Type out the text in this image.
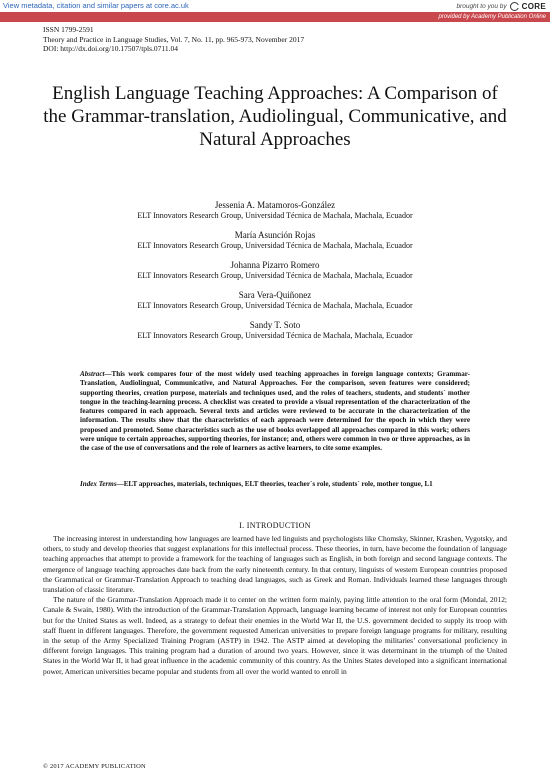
View metadata, citation and similar papers at core.ac.uk	brought to you by CORE
provided by Academy Publication Online
ISSN 1799-2591
Theory and Practice in Language Studies, Vol. 7, No. 11, pp. 965-973, November 2017
DOI: http://dx.doi.org/10.17507/tpls.0711.04
English Language Teaching Approaches: A Comparison of the Grammar-translation, Audiolingual, Communicative, and Natural Approaches
Jessenia A. Matamoros-González
ELT Innovators Research Group, Universidad Técnica de Machala, Machala, Ecuador
María Asunción Rojas
ELT Innovators Research Group, Universidad Técnica de Machala, Machala, Ecuador
Johanna Pizarro Romero
ELT Innovators Research Group, Universidad Técnica de Machala, Machala, Ecuador
Sara Vera-Quiñonez
ELT Innovators Research Group, Universidad Técnica de Machala, Machala, Ecuador
Sandy T. Soto
ELT Innovators Research Group, Universidad Técnica de Machala, Machala, Ecuador
Abstract—This work compares four of the most widely used teaching approaches in foreign language contexts; Grammar-Translation, Audiolingual, Communicative, and Natural Approaches. For the comparison, seven features were considered; supporting theories, creation purpose, materials and techniques used, and the roles of teachers, students, and students´ mother tongue in the teaching-learning process. A checklist was created to provide a visual representation of the characterization of the features compared in each approach. Several texts and articles were reviewed to be accurate in the characterization of the information. The results show that the characteristics of each approach were determined for the epoch in which they were proposed and promoted. Some characteristics such as the use of books overlapped all approaches compared in this work; others were unique to certain approaches, supporting theories, for instance; and, others were common in two or three approaches, as in the case of the use of conversations and the role of learners as active learners, to cite some examples.
Index Terms—ELT approaches, materials, techniques, ELT theories, teacher´s role, students´ role, mother tongue, L1
I. INTRODUCTION

The increasing interest in understanding how languages are learned have led linguists and psychologists like Chomsky, Skinner, Krashen, Vygotsky, and others, to study and develop theories that suggest explanations for this intellectual process. These theories, in turn, have become the foundation of language teaching approaches that attempt to provide a framework for the teaching of languages such as English, in both foreign and second language contexts. The emergence of language teaching approaches date back from the early nineteenth century. In that century, linguists of western European countries proposed the Grammatical or Grammar-Translation Approach to teaching dead languages, such as Greek and Roman. Individuals learned these languages through translation of classic literature.

The nature of the Grammar-Translation Approach made it to center on the written form mainly, paying little attention to the oral form (Mondal, 2012; Canale & Swain, 1980). With the introduction of the Grammar-Translation Approach, language learning became of interest not only for European countries but for the United States as well. Indeed, as a strategy to defeat their enemies in the World War II, the U.S. government decided to supply its troop with staff fluent in different languages. Therefore, the government requested American universities to prepare foreign language programs for military, resulting in the setup of the Army Specialized Training Program (ASTP) in 1942. The ASTP aimed at developing the militaries’ conversational proficiency in different foreign languages. This training program had a duration of around two years. However, since it was determinant in the triumph of the United States in the World War II, it had great influence in the academic community of this country. As the Unites States developed into a significant international power, American universities became popular and students from all over the world wanted to enroll in

© 2017 ACADEMY PUBLICATION
